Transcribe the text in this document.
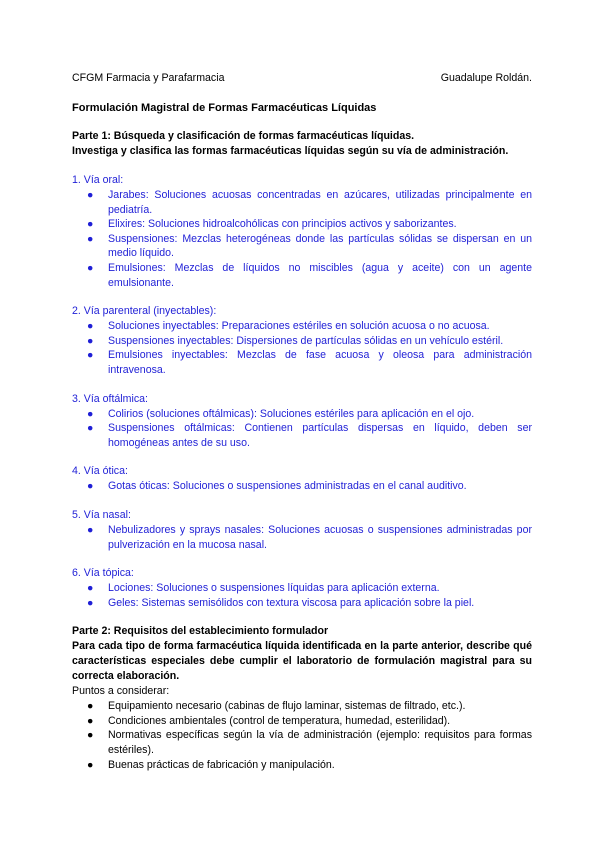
CFGM Farmacia y Parafarmacia	Guadalupe Roldán.
Formulación Magistral de Formas Farmacéuticas Líquidas
Parte 1: Búsqueda y clasificación de formas farmacéuticas líquidas.
Investiga y clasifica las formas farmacéuticas líquidas según su vía de administración.
1. Vía oral:
● Jarabes: Soluciones acuosas concentradas en azúcares, utilizadas principalmente en pediatría.
● Elixires: Soluciones hidroalcohólicas con principios activos y saborizantes.
● Suspensiones: Mezclas heterogéneas donde las partículas sólidas se dispersan en un medio líquido.
● Emulsiones: Mezclas de líquidos no miscibles (agua y aceite) con un agente emulsionante.
2. Vía parenteral (inyectables):
● Soluciones inyectables: Preparaciones estériles en solución acuosa o no acuosa.
● Suspensiones inyectables: Dispersiones de partículas sólidas en un vehículo estéril.
● Emulsiones inyectables: Mezclas de fase acuosa y oleosa para administración intravenosa.
3. Vía oftálmica:
● Colirios (soluciones oftálmicas): Soluciones estériles para aplicación en el ojo.
● Suspensiones oftálmicas: Contienen partículas dispersas en líquido, deben ser homogéneas antes de su uso.
4. Vía ótica:
● Gotas óticas: Soluciones o suspensiones administradas en el canal auditivo.
5. Vía nasal:
● Nebulizadores y sprays nasales: Soluciones acuosas o suspensiones administradas por pulverización en la mucosa nasal.
6. Vía tópica:
● Lociones: Soluciones o suspensiones líquidas para aplicación externa.
● Geles: Sistemas semisólidos con textura viscosa para aplicación sobre la piel.
Parte 2: Requisitos del establecimiento formulador
Para cada tipo de forma farmacéutica líquida identificada en la parte anterior, describe qué características especiales debe cumplir el laboratorio de formulación magistral para su correcta elaboración.
Puntos a considerar:
● Equipamiento necesario (cabinas de flujo laminar, sistemas de filtrado, etc.).
● Condiciones ambientales (control de temperatura, humedad, esterilidad).
● Normativas específicas según la vía de administración (ejemplo: requisitos para formas estériles).
● Buenas prácticas de fabricación y manipulación.
